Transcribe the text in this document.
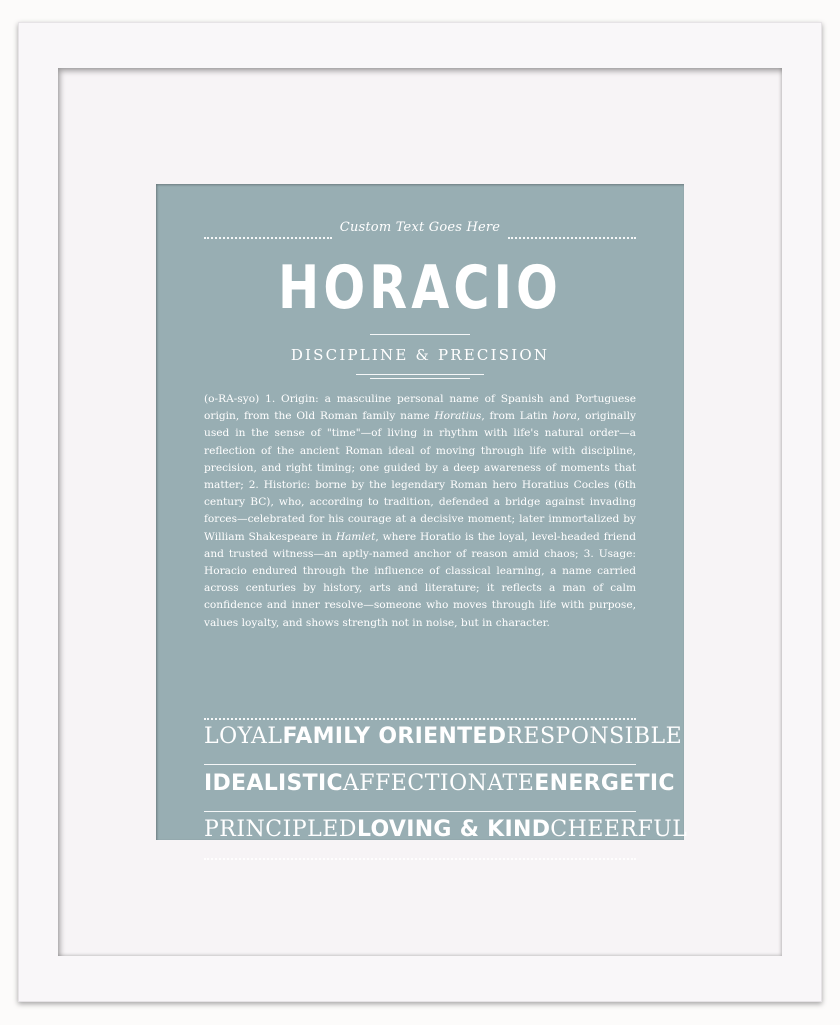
Custom Text Goes Here
HORACIO
DISCIPLINE & PRECISION
(o-RA-syo) 1. Origin: a masculine personal name of Spanish and Portuguese origin, from the Old Roman family name Horatius, from Latin hora, originally used in the sense of "time"—of living in rhythm with life's natural order—a reflection of the ancient Roman ideal of moving through life with discipline, precision, and right timing; one guided by a deep awareness of moments that matter; 2. Historic: borne by the legendary Roman hero Horatius Cocles (6th century BC), who, according to tradition, defended a bridge against invading forces—celebrated for his courage at a decisive moment; later immortalized by William Shakespeare in Hamlet, where Horatio is the loyal, level-headed friend and trusted witness—an aptly-named anchor of reason amid chaos; 3. Usage: Horacio endured through the influence of classical learning, a name carried across centuries by history, arts and literature; it reflects a man of calm confidence and inner resolve—someone who moves through life with purpose, values loyalty, and shows strength not in noise, but in character.
LOYAL FAMILY ORIENTED RESPONSIBLE
IDEALISTIC AFFECTIONATE ENERGETIC
PRINCIPLED LOVING & KIND CHEERFUL
